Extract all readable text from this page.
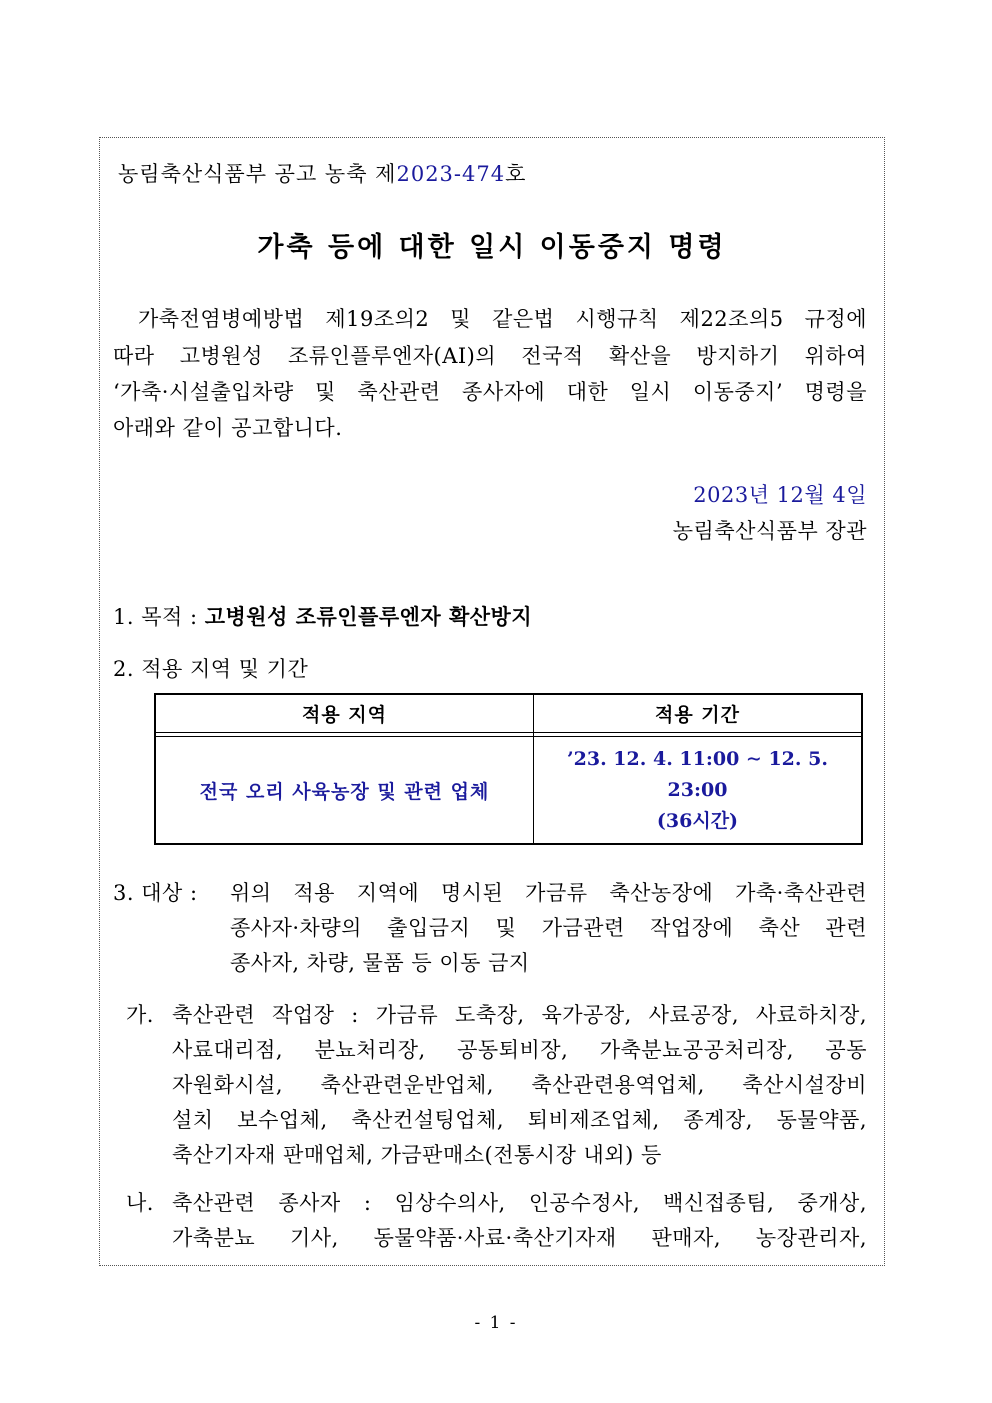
농림축산식품부 공고 농축 제2023-474호
가축 등에 대한 일시 이동중지 명령
가축전염병예방법 제19조의2 및 같은법 시행규칙 제22조의5 규정에
따라 고병원성 조류인플루엔자(AI)의 전국적 확산을 방지하기 위하여
‘가축·시설출입차량 및 축산관련 종사자에 대한 일시 이동중지’ 명령을
아래와 같이 공고합니다.
2023년 12월 4일
농림축산식품부 장관
1. 목적 : 고병원성 조류인플루엔자 확산방지
2. 적용 지역 및 기간
적용 지역	적용 기간
전국 오리 사육농장 및 관련 업체
’23. 12. 4. 11:00 ∼ 12. 5. 23:00
(36시간)
3. 대상 : 위의 적용 지역에 명시된 가금류 축산농장에 가축·축산관련
종사자·차량의 출입금지 및 가금관련 작업장에 축산 관련
종사자, 차량, 물품 등 이동 금지
가. 축산관련 작업장 : 가금류 도축장, 육가공장, 사료공장, 사료하치장,
사료대리점, 분뇨처리장, 공동퇴비장, 가축분뇨공공처리장, 공동
자원화시설, 축산관련운반업체, 축산관련용역업체, 축산시설장비
설치 보수업체, 축산컨설팅업체, 퇴비제조업체, 종계장, 동물약품,
축산기자재 판매업체, 가금판매소(전통시장 내외) 등
나. 축산관련 종사자 : 임상수의사, 인공수정사, 백신접종팀, 중개상,
가축분뇨 기사, 동물약품·사료·축산기자재 판매자, 농장관리자,
- 1 -
